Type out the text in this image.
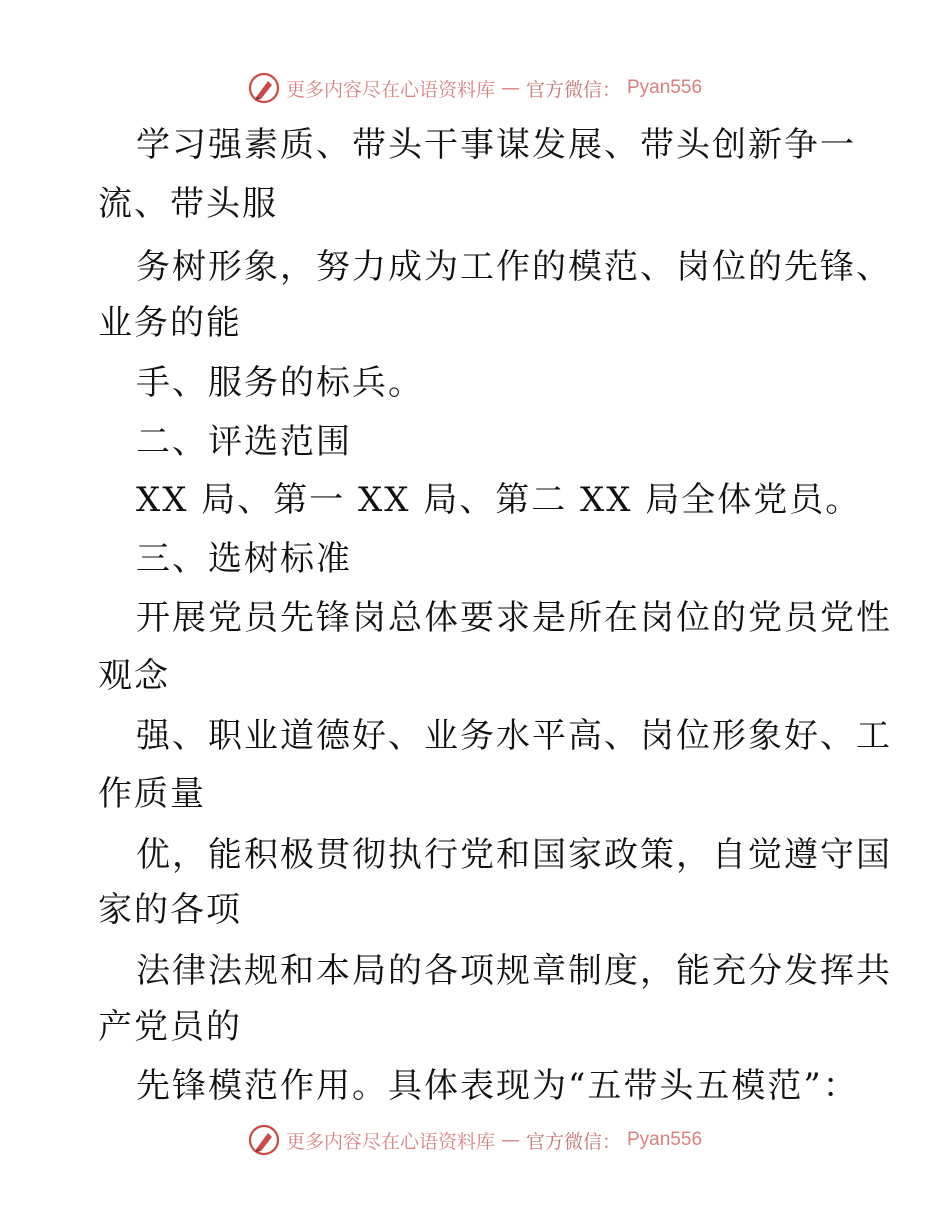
更多内容尽在心语资料库 — 官方微信： Pyan556
学习强素质、带头干事谋发展、带头创新争一
流、带头服
务树形象，努力成为工作的模范、岗位的先锋、
业务的能
手、服务的标兵。
二、评选范围
XX 局、第一 XX 局、第二 XX 局全体党员。
三、选树标准
开展党员先锋岗总体要求是所在岗位的党员党性
观念
强、职业道德好、业务水平高、岗位形象好、工
作质量
优，能积极贯彻执行党和国家政策，自觉遵守国
家的各项
法律法规和本局的各项规章制度，能充分发挥共
产党员的
先锋模范作用。具体表现为“五带头五模范”：
更多内容尽在心语资料库 — 官方微信： Pyan556
